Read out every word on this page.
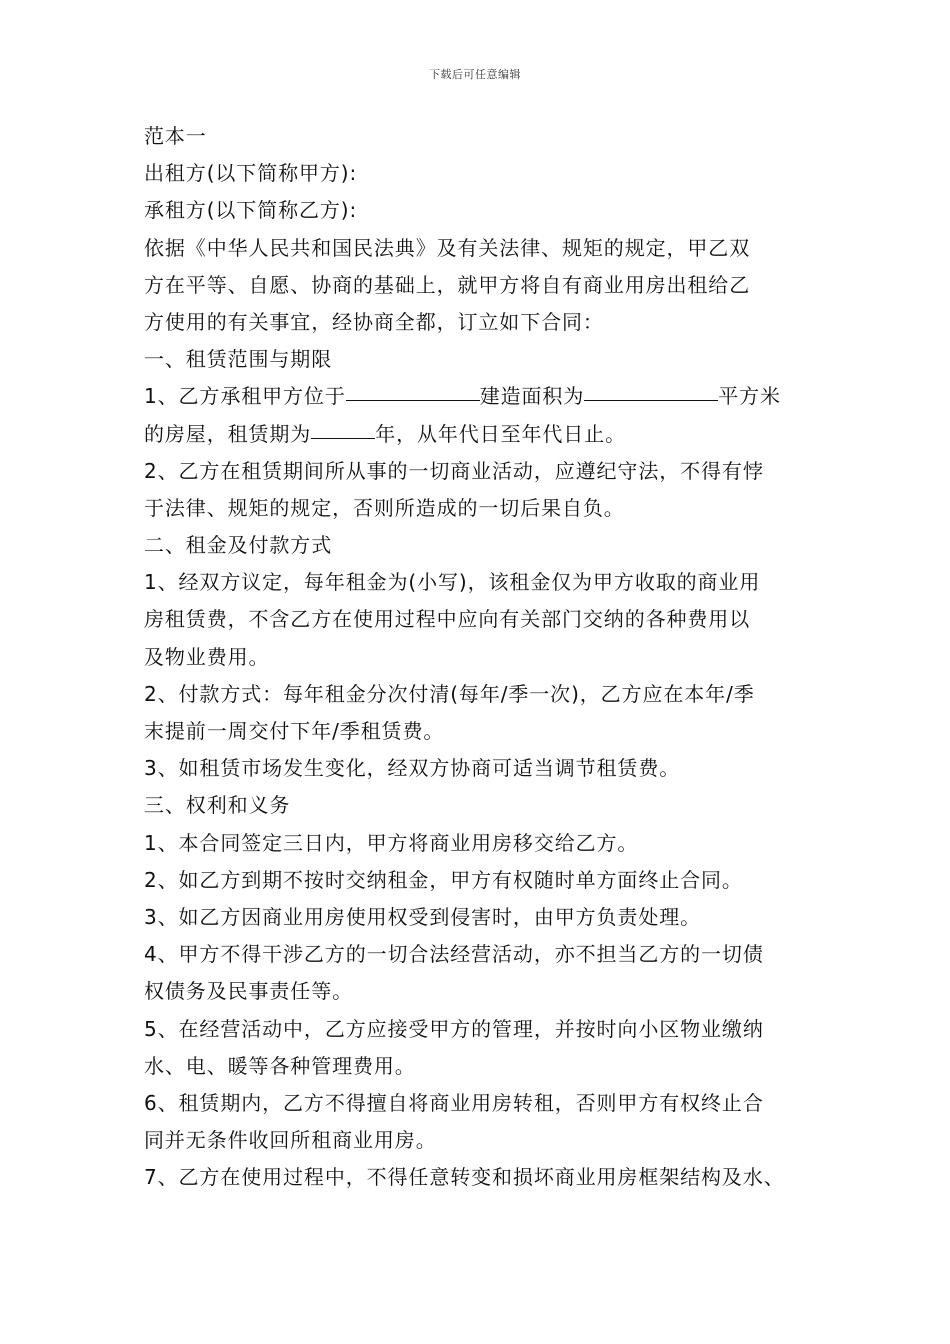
下载后可任意编辑
范本一
出租方(以下简称甲方):
承租方(以下简称乙方):
依据《中华人民共和国民法典》及有关法律、规矩的规定，甲乙双
方在平等、自愿、协商的基础上，就甲方将自有商业用房出租给乙
方使用的有关事宜，经协商全都，订立如下合同：
一、租赁范围与期限
1、乙方承租甲方位于	建造面积为	平方米
的房屋，租赁期为	年，从年代日至年代日止。
2、乙方在租赁期间所从事的一切商业活动，应遵纪守法，不得有悖
于法律、规矩的规定，否则所造成的一切后果自负。
二、租金及付款方式
1、经双方议定，每年租金为(小写)，该租金仅为甲方收取的商业用
房租赁费，不含乙方在使用过程中应向有关部门交纳的各种费用以
及物业费用。
2、付款方式：每年租金分次付清(每年/季一次)，乙方应在本年/季
末提前一周交付下年/季租赁费。
3、如租赁市场发生变化，经双方协商可适当调节租赁费。
三、权利和义务
1、本合同签定三日内，甲方将商业用房移交给乙方。
2、如乙方到期不按时交纳租金，甲方有权随时单方面终止合同。
3、如乙方因商业用房使用权受到侵害时，由甲方负责处理。
4、甲方不得干涉乙方的一切合法经营活动，亦不担当乙方的一切债
权债务及民事责任等。
5、在经营活动中，乙方应接受甲方的管理，并按时向小区物业缴纳
水、电、暖等各种管理费用。
6、租赁期内，乙方不得擅自将商业用房转租，否则甲方有权终止合
同并无条件收回所租商业用房。
7、乙方在使用过程中，不得任意转变和损坏商业用房框架结构及水、
